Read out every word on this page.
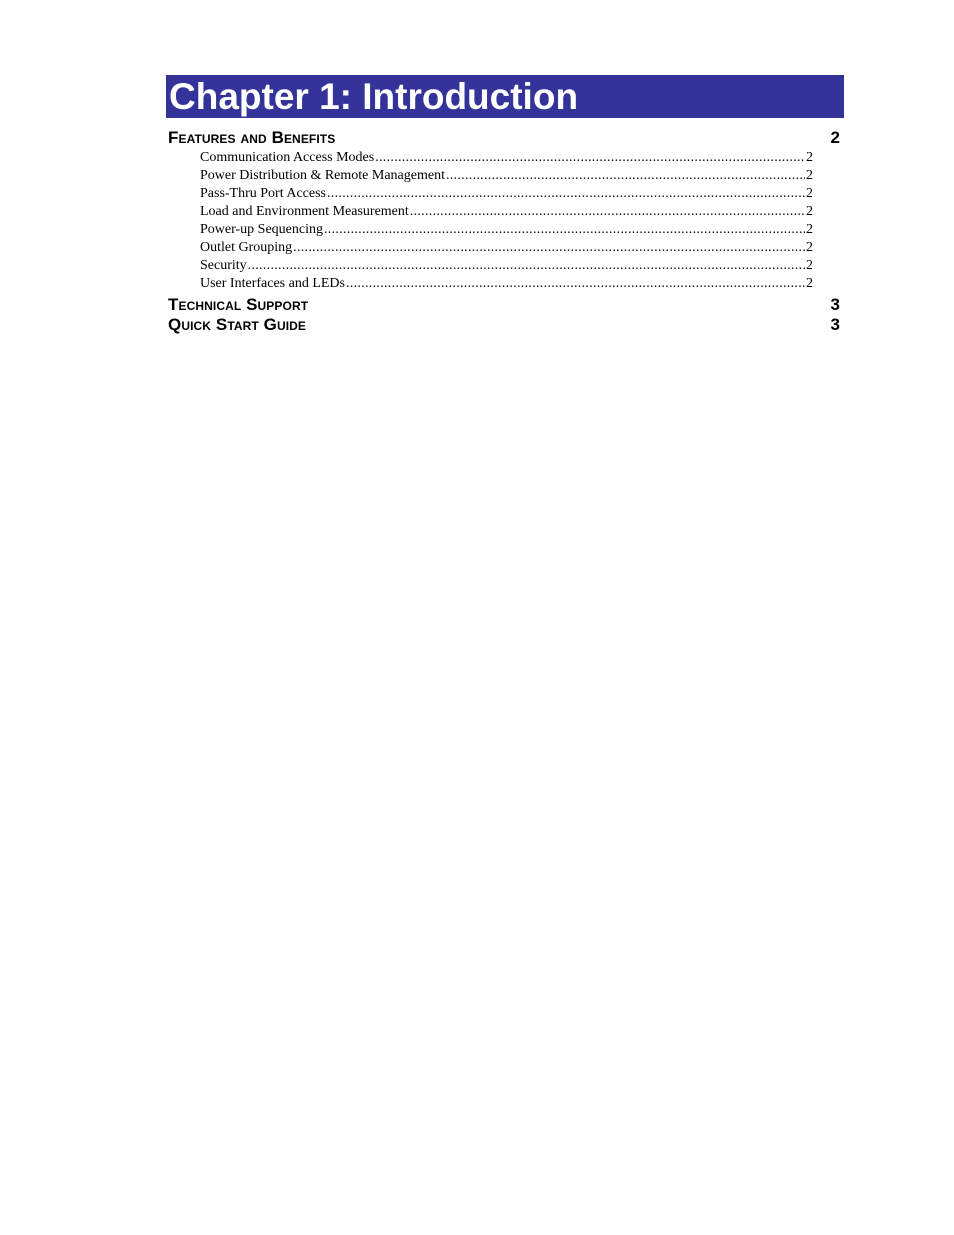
Chapter 1: Introduction
Features and Benefits	2
Communication Access Modes .....	2
Power Distribution & Remote Management .....	2
Pass-Thru Port Access .....	2
Load and Environment Measurement .....	2
Power-up Sequencing .....	2
Outlet Grouping .....	2
Security .....	2
User Interfaces and LEDs .....	2
Technical Support	3
Quick Start Guide	3
